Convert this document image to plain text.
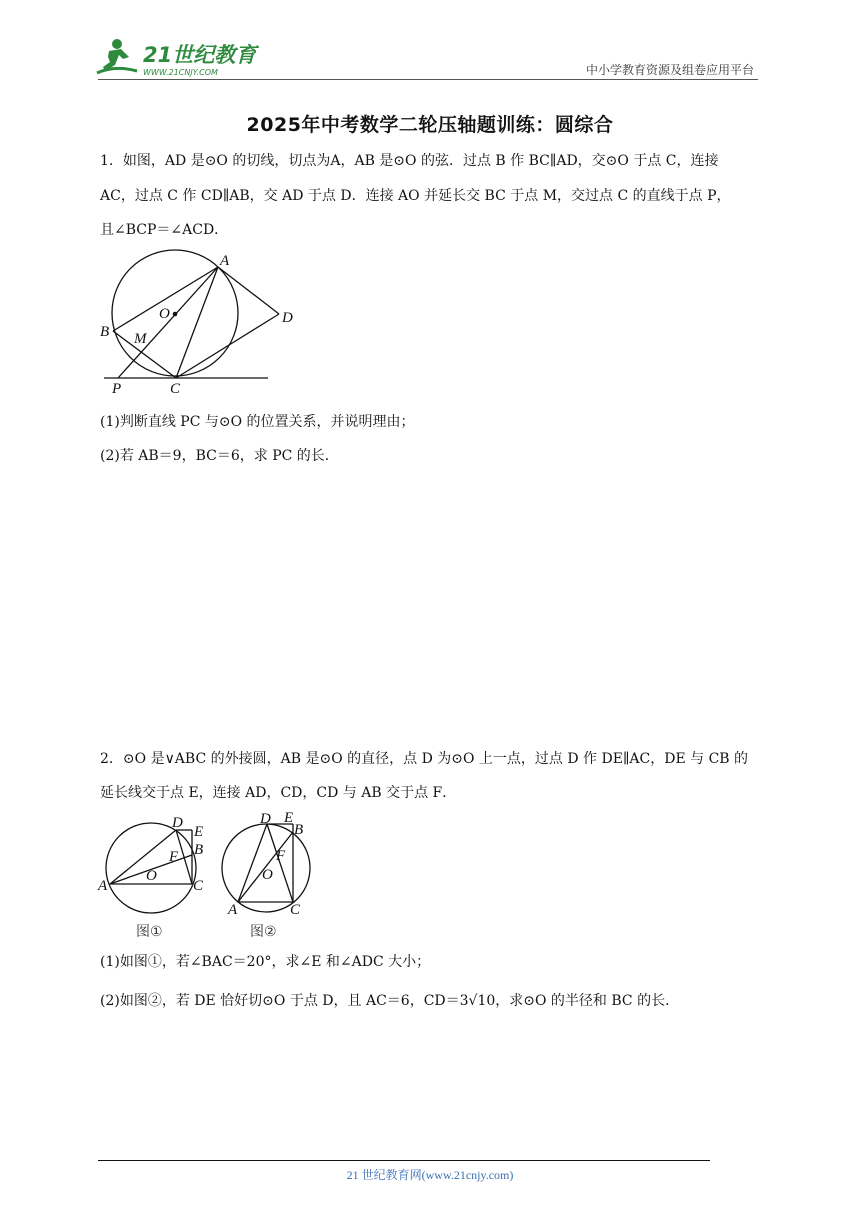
21世纪教育
WWW.21CNJY.COM	中小学教育资源及组卷应用平台
2025年中考数学二轮压轴题训练：圆综合
1．如图，AD 是⊙O 的切线，切点为A，AB 是⊙O 的弦．过点 B 作 BC∥AD，交⊙O 于点 C，连接
AC，过点 C 作 CD∥AB，交 AD 于点 D．连接 AO 并延长交 BC 于点 M，交过点 C 的直线于点 P，
且∠BCP＝∠ACD．
A
O
B M
D
P	C
(1)判断直线 PC 与⊙O 的位置关系，并说明理由；
(2)若 AB＝9，BC＝6，求 PC 的长．
2．⊙O 是∨ABC 的外接圆，AB 是⊙O 的直径，点 D 为⊙O 上一点，过点 D 作 DE∥AC，DE 与 CB 的
延长线交于点 E，连接 AD，CD，CD 与 AB 交于点 F．
D
E
B
F
A
O
C
图①
D E
B
F
O
A	C
图②
(1)如图①，若∠BAC＝20°，求∠E 和∠ADC 大小；
(2)如图②，若 DE 恰好切⊙O 于点 D，且 AC＝6，CD＝3√10，求⊙O 的半径和 BC 的长．
21 世纪教育网(www.21cnjy.com)
